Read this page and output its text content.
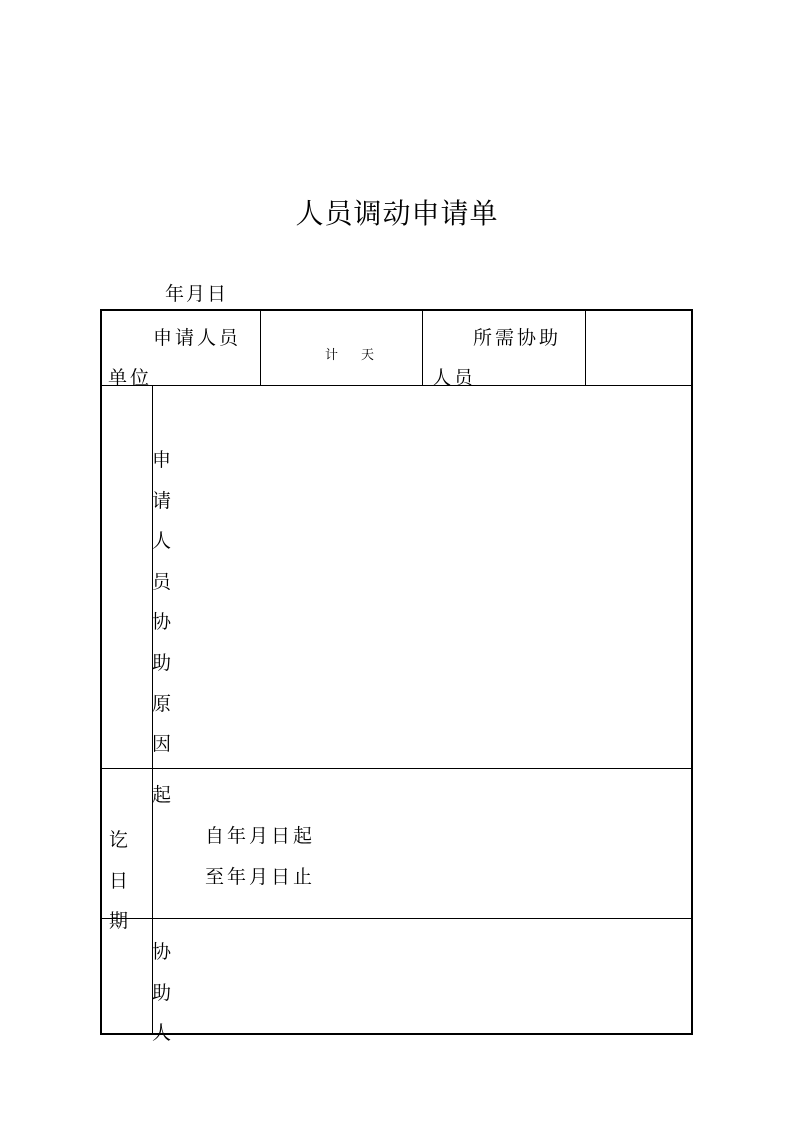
人员调动申请单
年月日
申请人员
单位
计 天
所需协助
人员
申
请
人
员
协
助
原
因
起
讫
日
期
自年月日起
至年月日止
协
助
人
